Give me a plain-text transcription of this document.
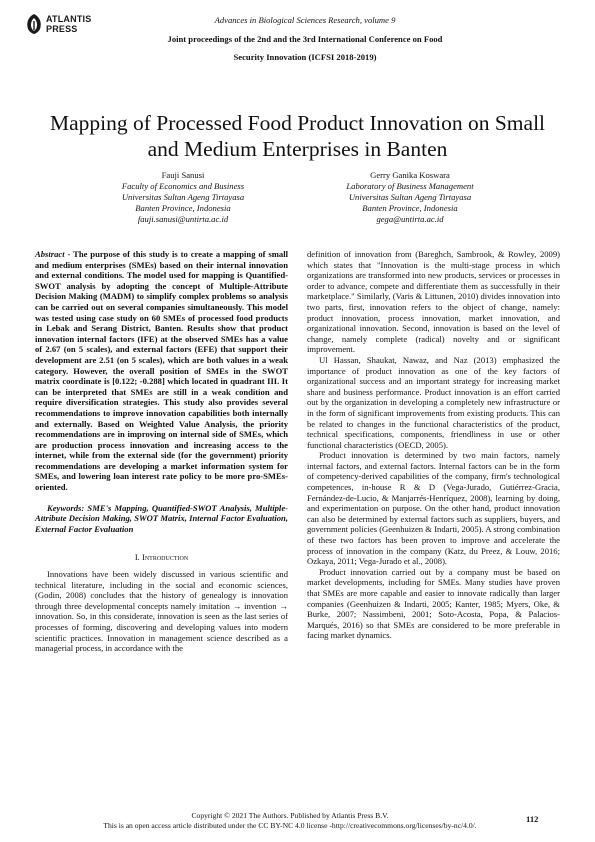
ATLANTIS
PRESS
Advances in Biological Sciences Research, volume 9
Joint proceedings of the 2nd and the 3rd International Conference on Food
Security Innovation (ICFSI 2018-2019)
Mapping of Processed Food Product Innovation on Small
and Medium Enterprises in Banten
Fauji Sanusi
Faculty of Economics and Business
Universitas Sultan Ageng Tirtayasa
Banten Province, Indonesia
fauji.sanusi@untirta.ac.id
Gerry Ganika Koswara
Laboratory of Business Management
Universitas Sultan Ageng Tirtayasa
Banten Province, Indonesia
gega@untirta.ac.id

Abstract - The purpose of this study is to create a mapping of small and medium enterprises (SMEs) based on their internal innovation and external conditions. The model used for mapping is Quantified-SWOT analysis by adopting the concept of Multiple-Attribute Decision Making (MADM) to simplify complex problems so analysis can be carried out on several companies simultaneously. This model was tested using case study on 60 SMEs of processed food products in Lebak and Serang District, Banten. Results show that product innovation internal factors (IFE) at the observed SMEs has a value of 2.67 (on 5 scales), and external factors (EFE) that support their development are 2.51 (on 5 scales), which are both values in a weak category. However, the overall position of SMEs in the SWOT matrix coordinate is [0.122; -0.288] which located in quadrant III. It can be interpreted that SMEs are still in a weak condition and require diversification strategies. This study also provides several recommendations to improve innovation capabilities both internally and externally. Based on Weighted Value Analysis, the priority recommendations are in improving on internal side of SMEs, which are production process innovation and increasing access to the internet, while from the external side (for the government) priority recommendations are developing a market information system for SMEs, and lowering loan interest rate policy to be more pro-SMEs-oriented.

Keywords: SME's Mapping, Quantified-SWOT Analysis, Multiple-Attribute Decision Making, SWOT Matrix, Internal Factor Evaluation, External Factor Evaluation

I. Introduction

Innovations have been widely discussed in various scientific and technical literature, including in the social and economic sciences, (Godin, 2008) concludes that the history of genealogy is innovation through three developmental concepts namely imitation → invention → innovation. So, in this considerate, innovation is seen as the last series of processes of forming, discovering and developing values into modern scientific practices. Innovation in management science described as a managerial process, in accordance with the

definition of innovation from (Bareghch, Sambrook, & Rowley, 2009) which states that "Innovation is the multi-stage process in which organizations are transformed into new products, services or processes in order to advance, compete and differentiate them as successfully in their marketplace." Similarly, (Varis & Littunen, 2010) divides innovation into two parts, first, innovation refers to the object of change, namely: product innovation, process innovation, market innovation, and organizational innovation. Second, innovation is based on the level of change, namely complete (radical) novelty and or significant improvement.

Ul Hassan, Shaukat, Nawaz, and Naz (2013) emphasized the importance of product innovation as one of the key factors of organizational success and an important strategy for increasing market share and business performance. Product innovation is an effort carried out by the organization in developing a completely new infrastructure or in the form of significant improvements from existing products. This can be related to changes in the functional characteristics of the product, technical specifications, components, friendliness in use or other functional characteristics (OECD, 2005).

Product innovation is determined by two main factors, namely internal factors, and external factors. Internal factors can be in the form of competency-derived capabilities of the company, firm's technological competences, in-house R & D (Vega-Jurado, Gutiérrez-Gracia, Fernández-de-Lucio, & Manjarrés-Henríquez, 2008), learning by doing, and experimentation on purpose. On the other hand, product innovation can also be determined by external factors such as suppliers, buyers, and government policies (Geenhuizen & Indarti, 2005). A strong combination of these two factors has been proven to improve and accelerate the process of innovation in the company (Katz, du Preez, & Louw, 2016; Ozkaya, 2011; Vega-Jurado et al., 2008).

Product innovation carried out by a company must be based on market developments, including for SMEs. Many studies have proven that SMEs are more capable and easier to innovate radically than larger companies (Geenhuizen & Indarti, 2005; Kanter, 1985; Myers, Oke, & Burke, 2007; Nassimbeni, 2001; Soto-Acosta, Popa, & Palacios-Marqués, 2016) so that SMEs are considered to be more preferable in facing market dynamics.

Copyright © 2021 The Authors. Published by Atlantis Press B.V.
This is an open access article distributed under the CC BY-NC 4.0 license -http://creativecommons.org/licenses/by-nc/4.0/.
112
